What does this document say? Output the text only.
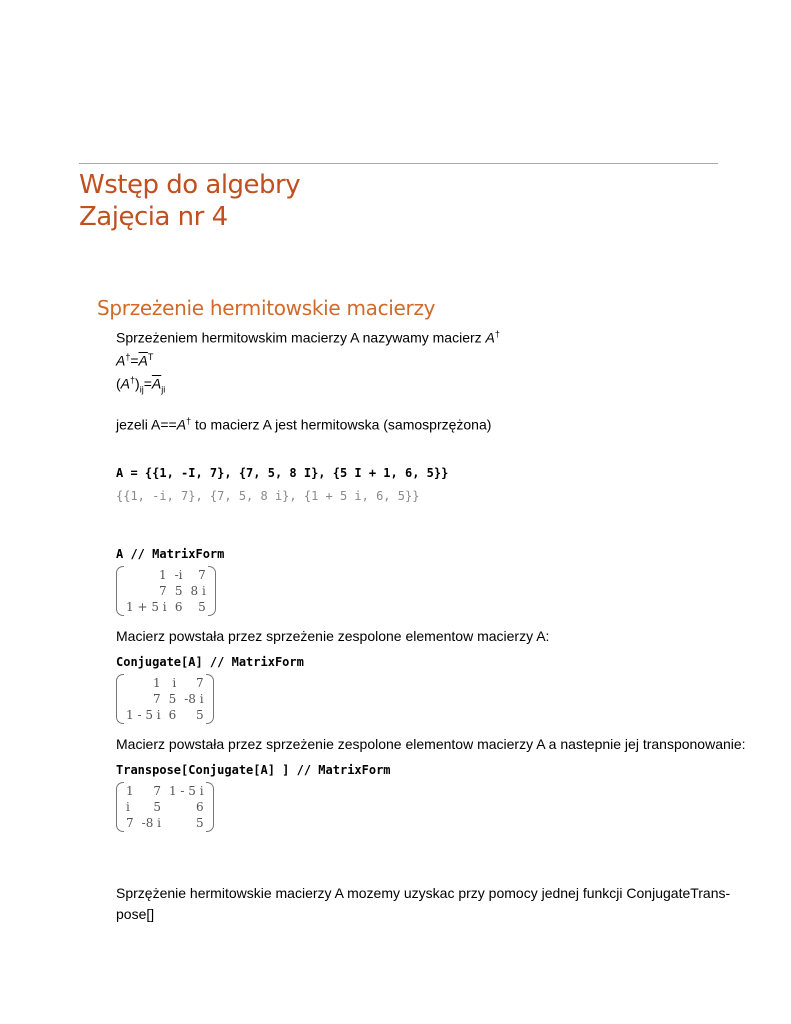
Wstęp do algebry
Zajęcia nr 4
Sprzeżenie hermitowskie macierzy
Sprzeżeniem hermitowskim macierzy A nazywamy macierz A†
$A^\dagger=\overline{A}^T$
$(A^\dagger)_{ij}=\overline{A}_{ji}$
jezeli A==A† to macierz A jest hermitowska (samosprzężona)
A = {{1, -I, 7}, {7, 5, 8 I}, {5 I + 1, 6, 5}}
{{1, -i, 7}, {7, 5, 8 i}, {1 + 5 i, 6, 5}}
A // MatrixForm
1	-i	7
7	5	8 i
1 + 5 i	6	5
Macierz powstała przez sprzeżenie zespolone elementow macierzy A:
Conjugate[A] // MatrixForm
1	i	7
7	5	-8 i
1 - 5 i	6	5
Macierz powstała przez sprzeżenie zespolone elementow macierzy A a nastepnie jej transponowanie:
Transpose[Conjugate[A] ] // MatrixForm
1	7	1 - 5 i
i	5	6
7	-8 i	5
Sprzężenie hermitowskie macierzy A mozemy uzyskac przy pomocy jednej funkcji ConjugateTrans-
pose[]
